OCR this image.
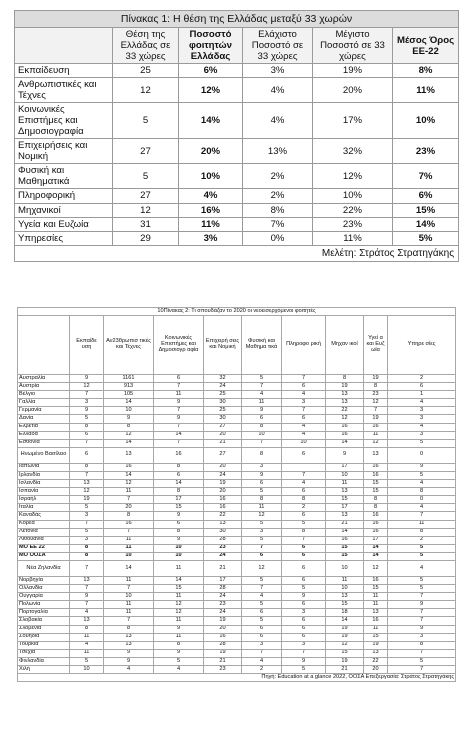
Πίνακας 1: Η θέση της Ελλάδας μεταξύ 33 χωρών					
	Θέση της Ελλάδας σε 33 χώρες	Ποσοστό φοιτητών Ελλάδας	Ελάχιστο Ποσοστό σε 33 χώρες	Μέγιστο Ποσοστό σε 33 χώρες	Μέσος Όρος ΕΕ-22
Εκπαίδευση	25	6%	3%	19%	8%
Ανθρωπιστικές και Τέχνες	12	12%	4%	20%	11%
Κοινωνικές Επιστήμες και Δημοσιογραφία	5	14%	4%	17%	10%
Επιχειρήσεις και Νομική	27	20%	13%	32%	23%
Φυσική και Μαθηματικά	5	10%	2%	12%	7%
Πληροφορική	27	4%	2%	10%	6%
Μηχανικοί	12	16%	8%	22%	15%
Υγεία και Ευζωία	31	11%	7%	23%	14%
Υπηρεσίες	29	3%	0%	11%	5%
Μελέτη: Στράτος Στρατηγάκης					
10Πίνακας 2: Τι σπουδάζαν το 2020 οι νεοεισερχόμενοι φοιτητές									
	Εκπαίδε υση	Αν23θρωπισ τικές και Τέχνες	Κοινωνικές Επιστήμες και Δημοσιογρ αφία	Επιχειρή σεις και Νομική	Φυσική και Μαθημα τικά	Πληροφο ρική	Μηχαν ικοί	Υγεί α και Ευζ ωία	Υπηρε σίες
Αυστραλία	9	1161	6	32	5	7	8	19	2
Αυστρία	12	913	7	24	7	6	19	8	6
Βέλγιο	7	105	11	25	4	4	13	23	1
Γαλλία	3	14	9	30	11	3	13	12	4
Γερμανία	9	10	7	25	9	7	22	7	3
Δανία	5	9	9	30	6	6	12	19	3
Ελβετία	8	8	7	27	8	4	16	16	4
Ελλάδα	6	12	14	20	10	4	16	11	3
Εσθονία	7	14	7	21	7	10	14	12	5
Ηνωμένο Βασίλειο	6	13	16	27	8	6	9	13	0
Ιαπωνία	8	16	8	20	3		17	16	9
Ιρλανδία	7	14	6	24	9	7	10	16	5
Ισλανδία	13	12	14	19	6	4	11	15	4
Ισπανία	12	11	8	20	5	6	13	15	8
Ισραήλ	19	7	17	16	8	8	15	8	0
Ιταλία	5	20	15	16	11	2	17	8	4
Καναδάς	3	8	9	22	12	6	13	16	7
Κορέα	7	16	6	13	5	5	21	16	11
Λετονία	5	7	8	30	3	8	14	16	8
Λιθουανία	3	11	9	28	5	7	16	17	2
ΜΟ ΕΕ 22	8	11	10	23	7	6	15	14	5
ΜΟ ΟΟΣΑ	8	10	10	24	6	6	15	14	5
Νέα Ζηλανδία	7	14	11	21	12	6	10	12	4
Νορβηγία	13	11	14	17	5	6	11	16	5
Ολλανδία	7	7	15	28	7	5	10	15	5
Ουγγαρία	9	10	11	24	4	9	13	11	7
Πολωνία	7	11	12	23	5	6	15	11	9
Πορτογαλία	4	11	12	24	6	3	18	13	7
Σλοβακία	13	7	11	19	5	6	14	16	7
Σλοβενία	8	8	9	20	6	6	19	11	9
Σουηδία	11	13	11	16	6	6	19	15	3
Τουρκία	4	13	8	28	3	3	12	19	8
Τσεχία	11	9	9	19	7	7	15	13	7
Φινλανδία	5	9	5	21	4	9	19	22	5
Χιλή	10	4	4	23	2	5	21	20	7
Πηγή: Education at a glance 2022, ΟΟΣΑ Επεξεργασία: Στράτος Στρατηγάκης									
